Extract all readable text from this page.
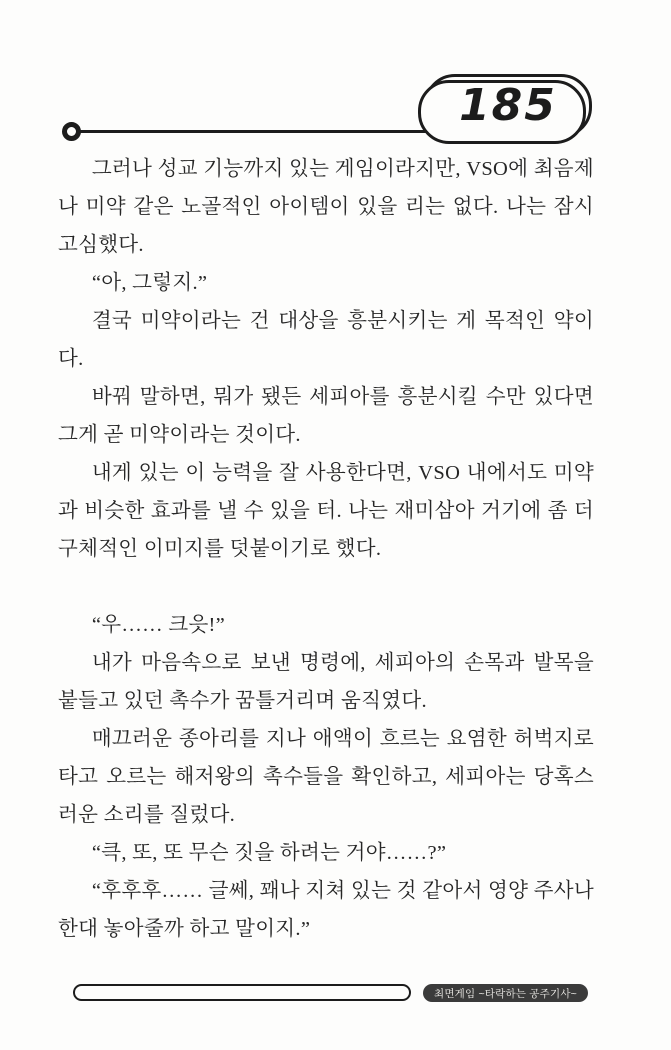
185

그러나 성교 기능까지 있는 게임이라지만, VSO에 최음제나 미약 같은 노골적인 아이템이 있을 리는 없다. 나는 잠시 고심했다.

“아, 그렇지.”

결국 미약이라는 건 대상을 흥분시키는 게 목적인 약이다.

바꿔 말하면, 뭐가 됐든 세피아를 흥분시킬 수만 있다면 그게 곧 미약이라는 것이다.

내게 있는 이 능력을 잘 사용한다면, VSO 내에서도 미약과 비슷한 효과를 낼 수 있을 터. 나는 재미삼아 거기에 좀 더 구체적인 이미지를 덧붙이기로 했다.

“우…… 크읏!”

내가 마음속으로 보낸 명령에, 세피아의 손목과 발목을 붙들고 있던 촉수가 꿈틀거리며 움직였다.

매끄러운 종아리를 지나 애액이 흐르는 요염한 허벅지로 타고 오르는 해저왕의 촉수들을 확인하고, 세피아는 당혹스러운 소리를 질렀다.

“큭, 또, 또 무슨 짓을 하려는 거야……?”

“후후후…… 글쎄, 꽤나 지쳐 있는 것 같아서 영양 주사나 한대 놓아줄까 하고 말이지.”

최면게임 ~타락하는 공주기사~
